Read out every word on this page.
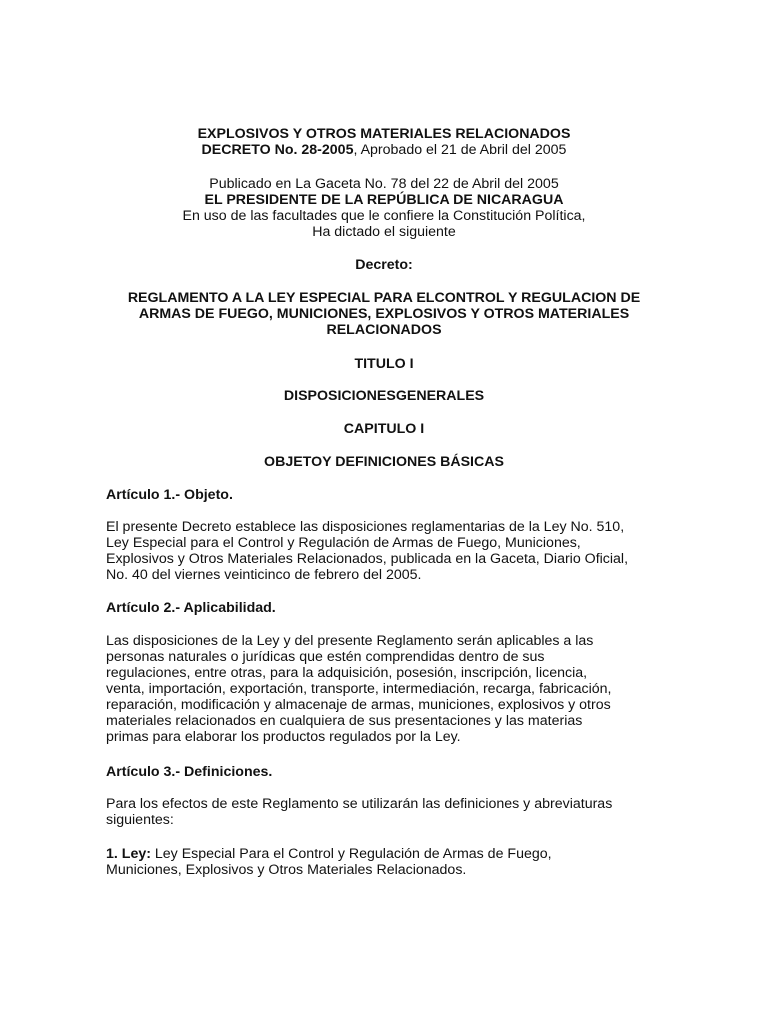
EXPLOSIVOS Y OTROS MATERIALES RELACIONADOS
DECRETO No. 28-2005, Aprobado el 21 de Abril del 2005
Publicado en La Gaceta No. 78 del 22 de Abril del 2005
EL PRESIDENTE DE LA REPÚBLICA DE NICARAGUA
En uso de las facultades que le confiere la Constitución Política,
Ha dictado el siguiente
Decreto:
REGLAMENTO A LA LEY ESPECIAL PARA ELCONTROL Y REGULACION DE
ARMAS DE FUEGO, MUNICIONES, EXPLOSIVOS Y OTROS MATERIALES
RELACIONADOS
TITULO I
DISPOSICIONESGENERALES
CAPITULO I
OBJETOY DEFINICIONES BÁSICAS
Artículo 1.- Objeto.
El presente Decreto establece las disposiciones reglamentarias de la Ley No. 510,
Ley Especial para el Control y Regulación de Armas de Fuego, Municiones,
Explosivos y Otros Materiales Relacionados, publicada en la Gaceta, Diario Oficial,
No. 40 del viernes veinticinco de febrero del 2005.
Artículo 2.- Aplicabilidad.
Las disposiciones de la Ley y del presente Reglamento serán aplicables a las
personas naturales o jurídicas que estén comprendidas dentro de sus
regulaciones, entre otras, para la adquisición, posesión, inscripción, licencia,
venta, importación, exportación, transporte, intermediación, recarga, fabricación,
reparación, modificación y almacenaje de armas, municiones, explosivos y otros
materiales relacionados en cualquiera de sus presentaciones y las materias
primas para elaborar los productos regulados por la Ley.
Artículo 3.- Definiciones.
Para los efectos de este Reglamento se utilizarán las definiciones y abreviaturas
siguientes:
1. Ley: Ley Especial Para el Control y Regulación de Armas de Fuego,
Municiones, Explosivos y Otros Materiales Relacionados.
